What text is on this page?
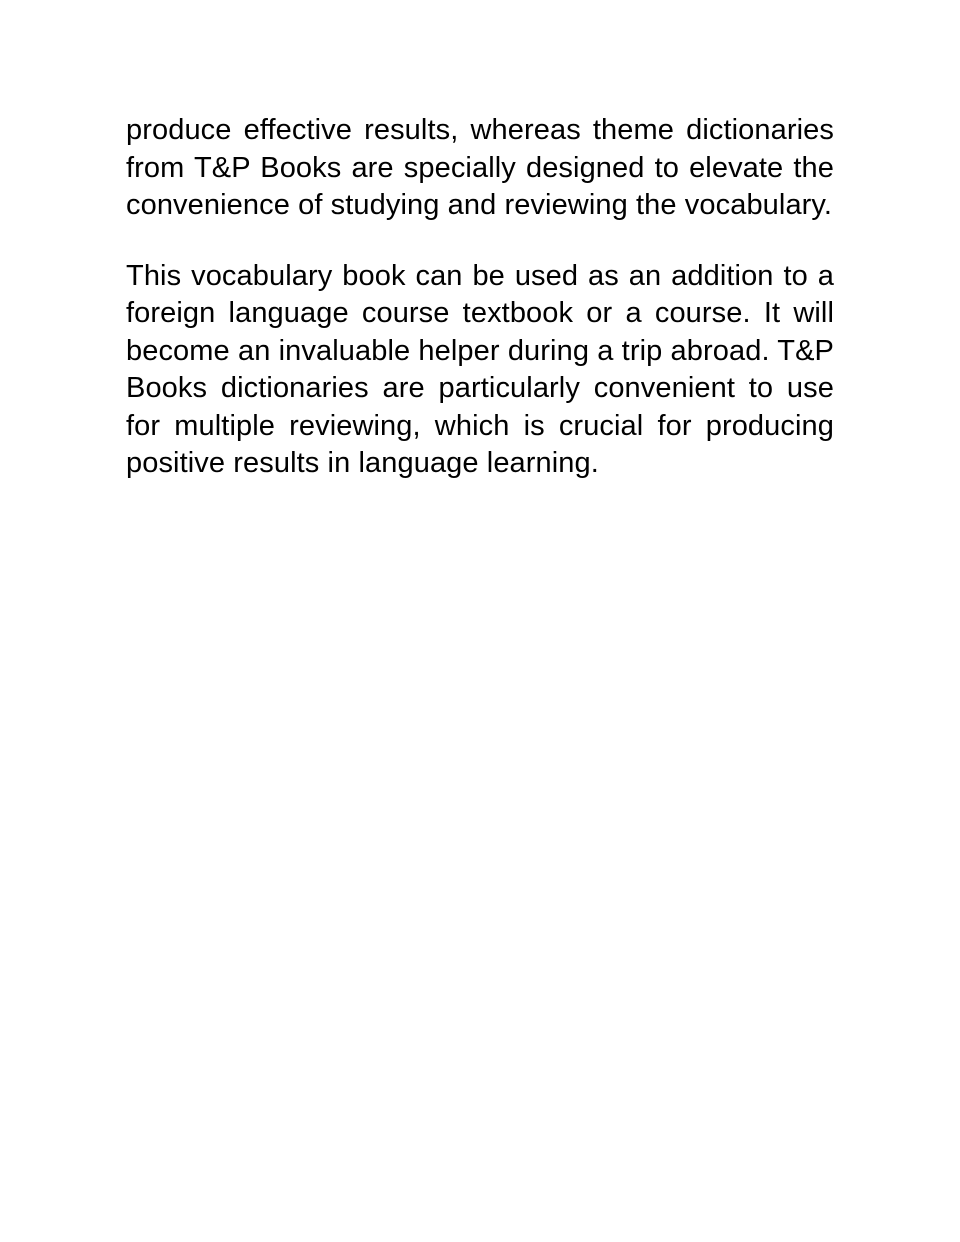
produce effective results, whereas theme dictionaries from T&P Books are specially designed to elevate the convenience of studying and reviewing the vocabulary.

This vocabulary book can be used as an addition to a foreign language course textbook or a course. It will become an invaluable helper during a trip abroad. T&P Books dictionaries are particularly convenient to use for multiple reviewing, which is crucial for producing positive results in language learning.
